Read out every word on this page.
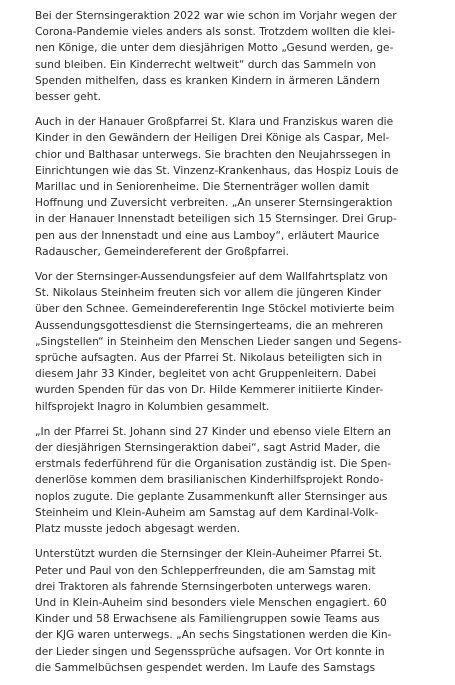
Bei der Sternsingeraktion 2022 war wie schon im Vorjahr wegen der
Corona-Pandemie vieles anders als sonst. Trotzdem wollten die klei-
nen Könige, die unter dem diesjährigen Motto „Gesund werden, ge-
sund bleiben. Ein Kinderrecht weltweit“ durch das Sammeln von
Spenden mithelfen, dass es kranken Kindern in ärmeren Ländern
besser geht.

Auch in der Hanauer Großpfarrei St. Klara und Franziskus waren die
Kinder in den Gewändern der Heiligen Drei Könige als Caspar, Mel-
chior und Balthasar unterwegs. Sie brachten den Neujahrssegen in
Einrichtungen wie das St. Vinzenz-Krankenhaus, das Hospiz Louis de
Marillac und in Seniorenheime. Die Sternenträger wollen damit
Hoffnung und Zuversicht verbreiten. „An unserer Sternsingeraktion
in der Hanauer Innenstadt beteiligen sich 15 Sternsinger. Drei Grup-
pen aus der Innenstadt und eine aus Lamboy“, erläutert Maurice
Radauscher, Gemeindereferent der Großpfarrei.

Vor der Sternsinger-Aussendungsfeier auf dem Wallfahrtsplatz von
St. Nikolaus Steinheim freuten sich vor allem die jüngeren Kinder
über den Schnee. Gemeindereferentin Inge Stöckel motivierte beim
Aussendungsgottesdienst die Sternsingerteams, die an mehreren
„Singstellen“ in Steinheim den Menschen Lieder sangen und Segens-
sprüche aufsagten. Aus der Pfarrei St. Nikolaus beteiligten sich in
diesem Jahr 33 Kinder, begleitet von acht Gruppenleitern. Dabei
wurden Spenden für das von Dr. Hilde Kemmerer initiierte Kinder-
hilfsprojekt Inagro in Kolumbien gesammelt.

„In der Pfarrei St. Johann sind 27 Kinder und ebenso viele Eltern an
der diesjährigen Sternsingeraktion dabei“, sagt Astrid Mader, die
erstmals federführend für die Organisation zuständig ist. Die Spen-
denerlöse kommen dem brasilianischen Kinderhilfsprojekt Rondo-
noplos zugute. Die geplante Zusammenkunft aller Sternsinger aus
Steinheim und Klein-Auheim am Samstag auf dem Kardinal-Volk-
Platz musste jedoch abgesagt werden.

Unterstützt wurden die Sternsinger der Klein-Auheimer Pfarrei St.
Peter und Paul von den Schlepperfreunden, die am Samstag mit
drei Traktoren als fahrende Sternsingerboten unterwegs waren.
Und in Klein-Auheim sind besonders viele Menschen engagiert. 60
Kinder und 58 Erwachsene als Familiengruppen sowie Teams aus
der KJG waren unterwegs. „An sechs Singstationen werden die Kin-
der Lieder singen und Segenssprüche aufsagen. Vor Ort konnte in
die Sammelbüchsen gespendet werden. Im Laufe des Samstags
